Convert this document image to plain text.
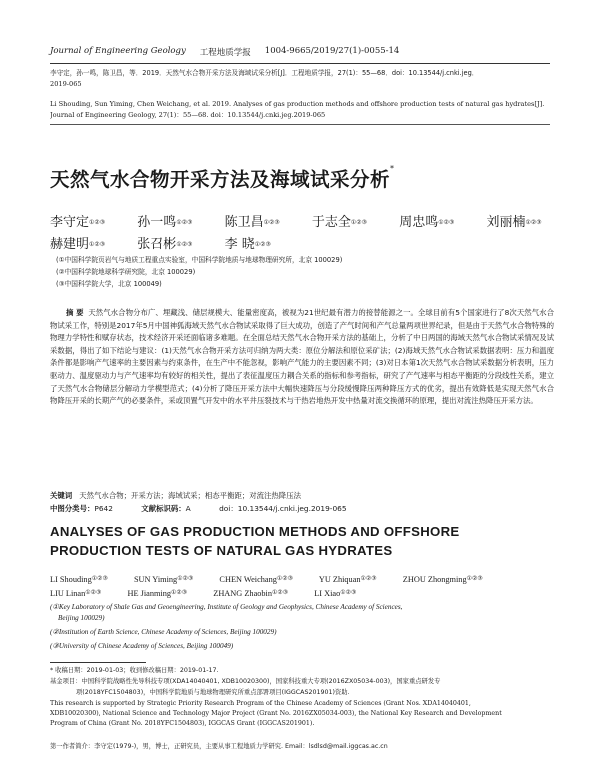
Journal of Engineering Geology 工程地质学报 1004-9665/2019/27(1)-0055-14
李守定，孙一鸣，陈卫昌，等．2019．天然气水合物开采方法及海域试采分析[J]．工程地质学报，27(1)：55—68．doi：10.13544/j.cnki.jeg．
2019-065
Li Shouding, Sun Yiming, Chen Weichang, et al. 2019. Analyses of gas production methods and offshore production tests of natural gas hydrates[J].
Journal of Engineering Geology, 27(1)：55—68. doi：10.13544/j.cnki.jeg.2019-065
天然气水合物开采方法及海域试采分析*
李守定①②③ 孙一鸣①②③ 陈卫昌①②③ 于志全①②③ 周忠鸣①②③ 刘丽楠①②③ 赫建明①②③ 张召彬①②③ 李 晓①②③
(①中国科学院页岩气与地质工程重点实验室，中国科学院地质与地球物理研究所，北京 100029)
(②中国科学院地球科学研究院，北京 100029)
(③中国科学院大学，北京 100049)
摘 要 天然气水合物分布广、埋藏浅、储层规模大、能量密度高，被视为21世纪最有潜力的接替能源之一。全球目前有5个国家进行了8次天然气水合物试采工作，特别是2017年5月中国神狐海域天然气水合物试采取得了巨大成功，创造了产气时间和产气总量两项世界纪录，但是由于天然气水合物特殊的物理力学特性和赋存状态，技术经济开采还面临诸多难题。在全面总结天然气水合物开采方法的基础上，分析了中日两国的海域天然气水合物试采情况及试采数据，得出了如下结论与建议：(1)天然气水合物开采方法可归纳为两大类：原位分解法和原位采矿法；(2)海域天然气水合物试采数据表明：压力和温度条件都是影响产气速率的主要因素与约束条件，在生产中不能忽视，影响产气能力的主要因素不同；(3)对日本第1次天然气水合物试采数据分析表明，压力驱动力、温度驱动力与产气速率均有较好的相关性，提出了表征温度压力耦合关系的指标和参考指标，研究了产气速率与相态平衡距的分段线性关系，建立了天然气水合物储层分解动力学模型范式；(4)分析了降压开采方法中大幅快速降压与分段缓慢降压两种降压方式的优劣，提出有效降低是实现天然气水合物降压开采的长期产气的必要条件，采或顶置气开发中的水平井压裂技术与干热岩地热开发中热量对流交换循环的原理，提出对流注热降压开采方法。
关键词 天然气水合物；开采方法；海域试采；相态平衡距；对流注热降压法
中图分类号：P642	文献标识码：A	doi：10.13544/j.cnki.jeg.2019-065
ANALYSES OF GAS PRODUCTION METHODS AND OFFSHORE PRODUCTION TESTS OF NATURAL GAS HYDRATES
LI Shouding①②③	SUN Yiming①②③	CHEN Weichang①②③	YU Zhiquan①②③	ZHOU Zhongming①②③ LIU Linan①②③	HE Jianming①②③	ZHANG Zhaobin①②③	LI Xiao①②③
(①Key Laboratory of Shale Gas and Geoengineering, Institute of Geology and Geophysics, Chinese Academy of Sciences,
Beijing 100029)
(②Institution of Earth Science, Chinese Academy of Sciences, Beijing 100029)
(③University of Chinese Academy of Sciences, Beijing 100049)
* 收稿日期：2019-01-03；收到修改稿日期：2019-01-17.
基金项目：中国科学院战略性先导科技专项(XDA14040401, XDB10020300)，国家科技重大专项(2016ZX05034-003)，国家重点研发专
项(2018YFC1504803)，中国科学院地质与地球物理研究所重点部署项目(IGGCAS201901)资助.
This research is supported by Strategic Priority Research Program of the Chinese Academy of Sciences (Grant Nos. XDA14040401,
XDB10020300), National Science and Technology Major Project (Grant No. 2016ZX05034-003), the National Key Research and Development
Program of China (Grant No. 2018YFC1504803), IGGCAS Grant (IGGCAS201901).
第一作者简介：李守定(1979-)，男，博士，正研究员，主要从事工程地质力学研究. Email：lsdlsd@mail.iggcas.ac.cn
